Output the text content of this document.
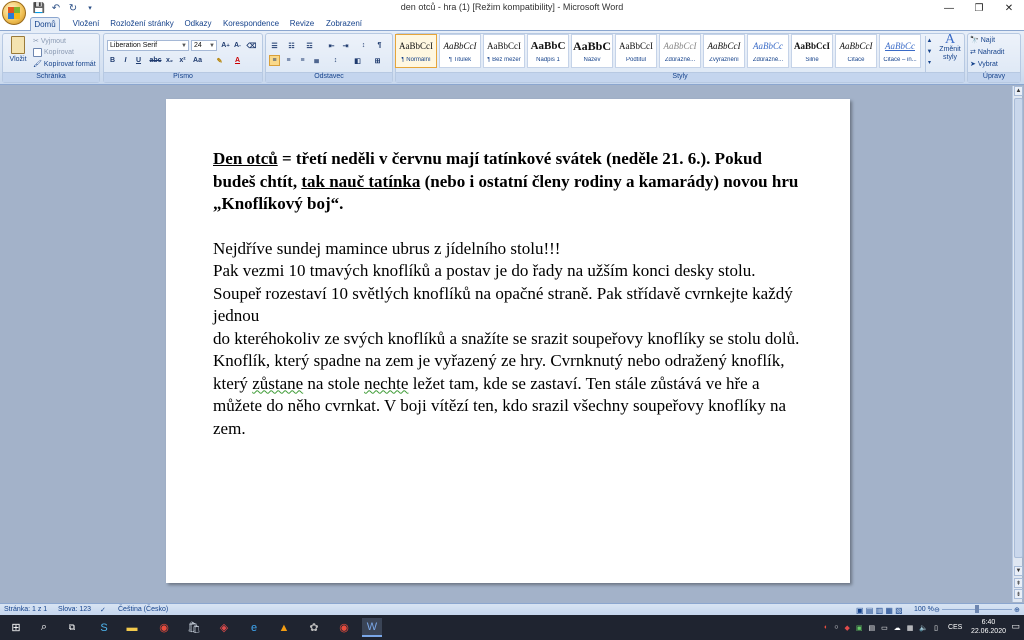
💾 ↶ ↻	▾	den otců - hra (1) [Režim kompatibility] - Microsoft Word	—	❐	✕
Domů	Vložení	Rozložení stránky	Odkazy	Korespondence Revize Zobrazení
Vložit
✂ Vyjmout
Kopírovat
🖌 Kopírovat formát
Schránka
Liberation Serif	▼	24 ▼ A + A - ⌫
B	I	U	abc x₂ x²	Aa	✎	A
Písmo
☰	☷	☲	⇤	⇥	↕	¶
≡	≡	≡	≣	↕	◧	⊞
Odstavec	Styly
▲
▼
▾
A
Změnit styly
🔭 Najít
⇄ Nahradit
➤ Vybrat
Úpravy
AaBbCcI
¶ Normální
AaBbCcI
¶ Titulek
AaBbCcI
¶ Bez mezer
AaBbC
Nadpis 1
AaBbC
Název
AaBbCcI
Podtitul
AaBbCcI
Zdůrazně...
AaBbCcI
Zvýraznění
AaBbCc
Zdůrazně...
AaBbCcI
Silné
AaBbCcI
Citace
AaBbCc
Citace – in...
▲
▼
⇞
⇟
Den otců = třetí neděli v červnu mají tatínkové svátek (neděle 21. 6.). Pokud budeš chtít, tak nauč tatínka (nebo i ostatní členy rodiny a kamarády) novou hru „Knoflíkový boj“.
Nejdříve sundej mamince ubrus z jídelního stolu!!!
Pak vezmi 10 tmavých knoflíků a postav je do řady na užším konci desky stolu. Soupeř rozestaví 10 světlých knoflíků na opačné straně. Pak střídavě cvrnkejte každý jednou
do kteréhokoliv ze svých knoflíků a snažíte se srazit soupeřovy knoflíky se stolu dolů. Knoflík, který spadne na zem je vyřazený ze hry. Cvrnknutý nebo odražený knoflík, který zůstane na stole nechte ležet tam, kde se zastaví. Ten stále zůstává ve hře a můžete do něho cvrnkat. V boji vítězí ten, kdo srazil všechny soupeřovy knoflíky na zem.
Stránka: 1 z 1 Slova: 123 ✓ Čeština (Česko)	▣ ▤ ▥ ▦ ▧ 100 % ⊖	⊕
⊞	⌕	⧉	S	▬	◉	🛍	◈	e	▲	✿	◉	W	◐ ○ ◆ ▣ ▤ ▭ ☁ ▦ 🔈 ▯ CES
6:40
22.06.2020
▭
